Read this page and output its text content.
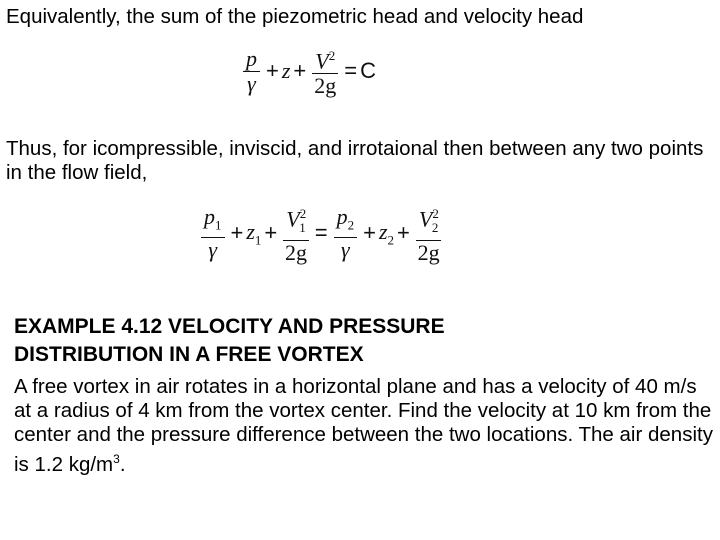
Equivalently, the sum of the piezometric head and velocity head
$\frac{p}{\gamma} + z + \frac{V^2}{2g} = C$
Thus, for icompressible, inviscid, and irrotaional then between any two points in the flow field,
$\frac{p_1}{\gamma} + z_1 + \frac{V^2_1}{2g} = \frac{p_2}{\gamma} + z_2 + \frac{V^2_2}{2g}$
EXAMPLE 4.12 VELOCITY AND PRESSURE DISTRIBUTION IN A FREE VORTEX
A free vortex in air rotates in a horizontal plane and has a velocity of 40 m/s at a radius of 4 km from the vortex center. Find the velocity at 10 km from the center and the pressure difference between the two locations. The air density is 1.2 $kg/m^3$.
